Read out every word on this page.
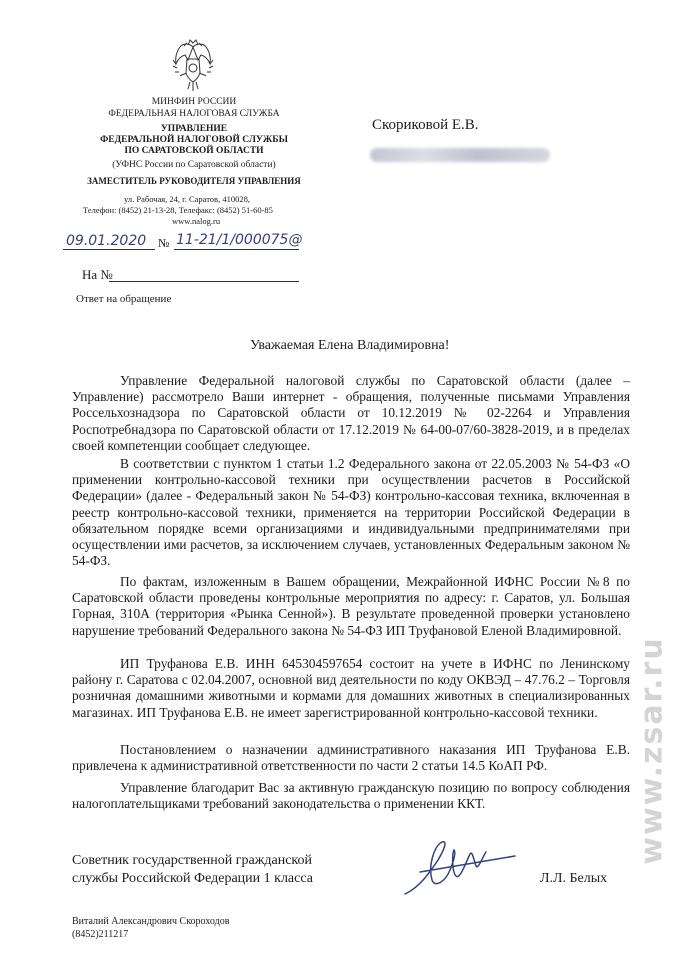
МИНФИН РОССИИ
ФЕДЕРАЛЬНАЯ НАЛОГОВАЯ СЛУЖБА
УПРАВЛЕНИЕ
ФЕДЕРАЛЬНОЙ НАЛОГОВОЙ СЛУЖБЫ
ПО САРАТОВСКОЙ ОБЛАСТИ
(УФНС России по Саратовской области)
ЗАМЕСТИТЕЛЬ РУКОВОДИТЕЛЯ УПРАВЛЕНИЯ
ул. Рабочая, 24, г. Саратов, 410028,
Телефон: (8452) 21-13-28, Телефакс: (8452) 51-60-85
www.nalog.ru
09.01.2020 № 11-21/1/000075@
На №
Ответ на обращение
Скориковой Е.В.
Уважаемая Елена Владимировна!

Управление Федеральной налоговой службы по Саратовской области (далее – Управление) рассмотрело Ваши интернет - обращения, полученные письмами Управления Россельхознадзора по Саратовской области от 10.12.2019 № 02-2264 и Управления Роспотребнадзора по Саратовской области от 17.12.2019 № 64-00-07/60-3828-2019, и в пределах своей компетенции сообщает следующее.

В соответствии с пунктом 1 статьи 1.2 Федерального закона от 22.05.2003 № 54-ФЗ «О применении контрольно-кассовой техники при осуществлении расчетов в Российской Федерации» (далее - Федеральный закон № 54-ФЗ) контрольно-кассовая техника, включенная в реестр контрольно-кассовой техники, применяется на территории Российской Федерации в обязательном порядке всеми организациями и индивидуальными предпринимателями при осуществлении ими расчетов, за исключением случаев, установленных Федеральным законом № 54-ФЗ.

По фактам, изложенным в Вашем обращении, Межрайонной ИФНС России №8 по Саратовской области проведены контрольные мероприятия по адресу: г. Саратов, ул. Большая Горная, 310А (территория «Рынка Сенной»). В результате проведенной проверки установлено нарушение требований Федерального закона № 54-ФЗ ИП Труфановой Еленой Владимировной.

ИП Труфанова Е.В. ИНН 645304597654 состоит на учете в ИФНС по Ленинскому району г. Саратова с 02.04.2007, основной вид деятельности по коду ОКВЭД – 47.76.2 – Торговля розничная домашними животными и кормами для домашних животных в специализированных магазинах. ИП Труфанова Е.В. не имеет зарегистрированной контрольно-кассовой техники.

Постановлением о назначении административного наказания ИП Труфанова Е.В. привлечена к административной ответственности по части 2 статьи 14.5 КоАП РФ.

Управление благодарит Вас за активную гражданскую позицию по вопросу соблюдения налогоплательщиками требований законодательства о применении ККТ.

Советник государственной гражданской
службы Российской Федерации 1 класса	Л.Л. Белых
Виталий Александрович Скороходов
(8452)211217
www.zsar.ru
